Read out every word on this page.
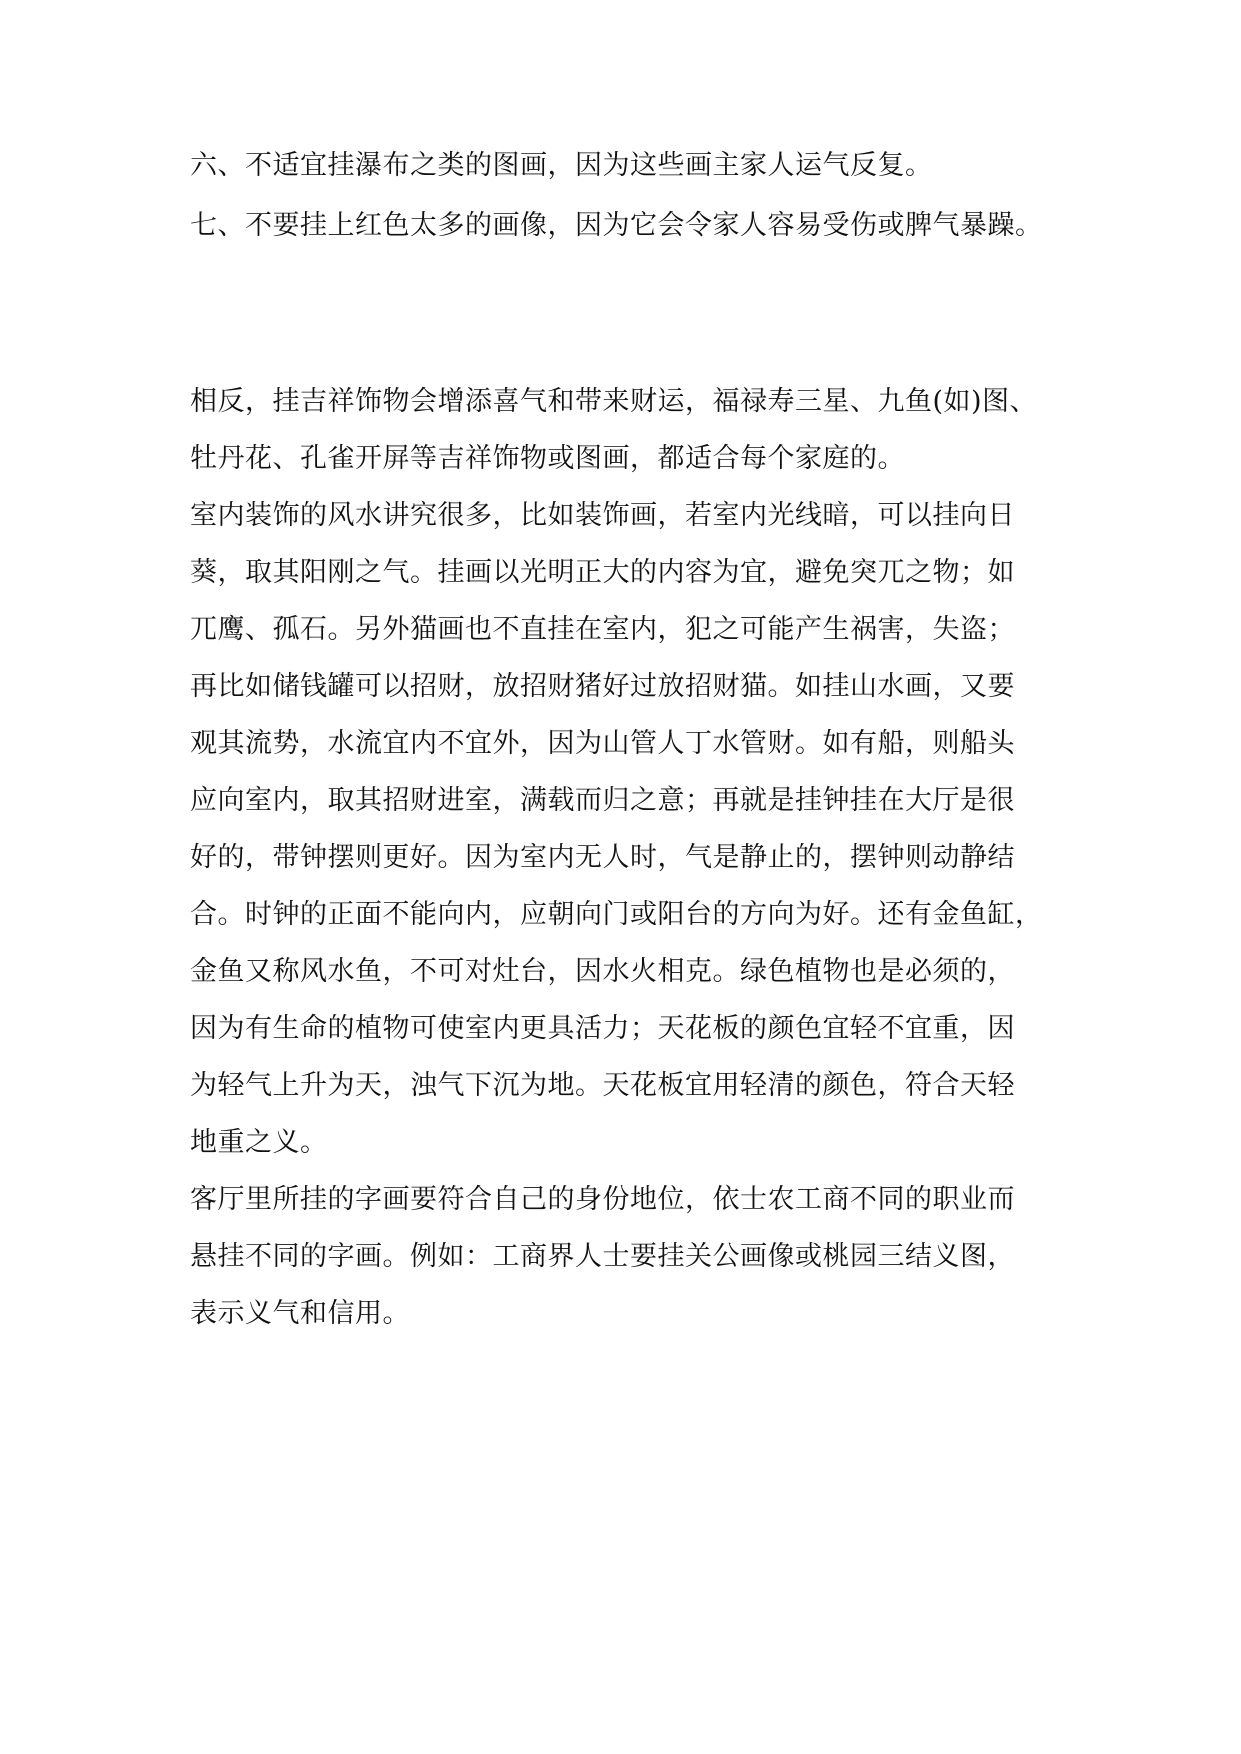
六、不适宜挂瀑布之类的图画，因为这些画主家人运气反复。
七、不要挂上红色太多的画像，因为它会令家人容易受伤或脾气暴躁。
相反，挂吉祥饰物会增添喜气和带来财运，福禄寿三星、九鱼(如)图、
牡丹花、孔雀开屏等吉祥饰物或图画，都适合每个家庭的。
室内装饰的风水讲究很多，比如装饰画，若室内光线暗，可以挂向日
葵，取其阳刚之气。挂画以光明正大的内容为宜，避免突兀之物；如
兀鹰、孤石。另外猫画也不直挂在室内，犯之可能产生祸害，失盗；
再比如储钱罐可以招财，放招财猪好过放招财猫。如挂山水画，又要
观其流势，水流宜内不宜外，因为山管人丁水管财。如有船，则船头
应向室内，取其招财进室，满载而归之意；再就是挂钟挂在大厅是很
好的，带钟摆则更好。因为室内无人时，气是静止的，摆钟则动静结
合。时钟的正面不能向内，应朝向门或阳台的方向为好。还有金鱼缸，
金鱼又称风水鱼，不可对灶台，因水火相克。绿色植物也是必须的，
因为有生命的植物可使室内更具活力；天花板的颜色宜轻不宜重，因
为轻气上升为天，浊气下沉为地。天花板宜用轻清的颜色，符合天轻
地重之义。
客厅里所挂的字画要符合自己的身份地位，依士农工商不同的职业而
悬挂不同的字画。例如：工商界人士要挂关公画像或桃园三结义图，
表示义气和信用。
